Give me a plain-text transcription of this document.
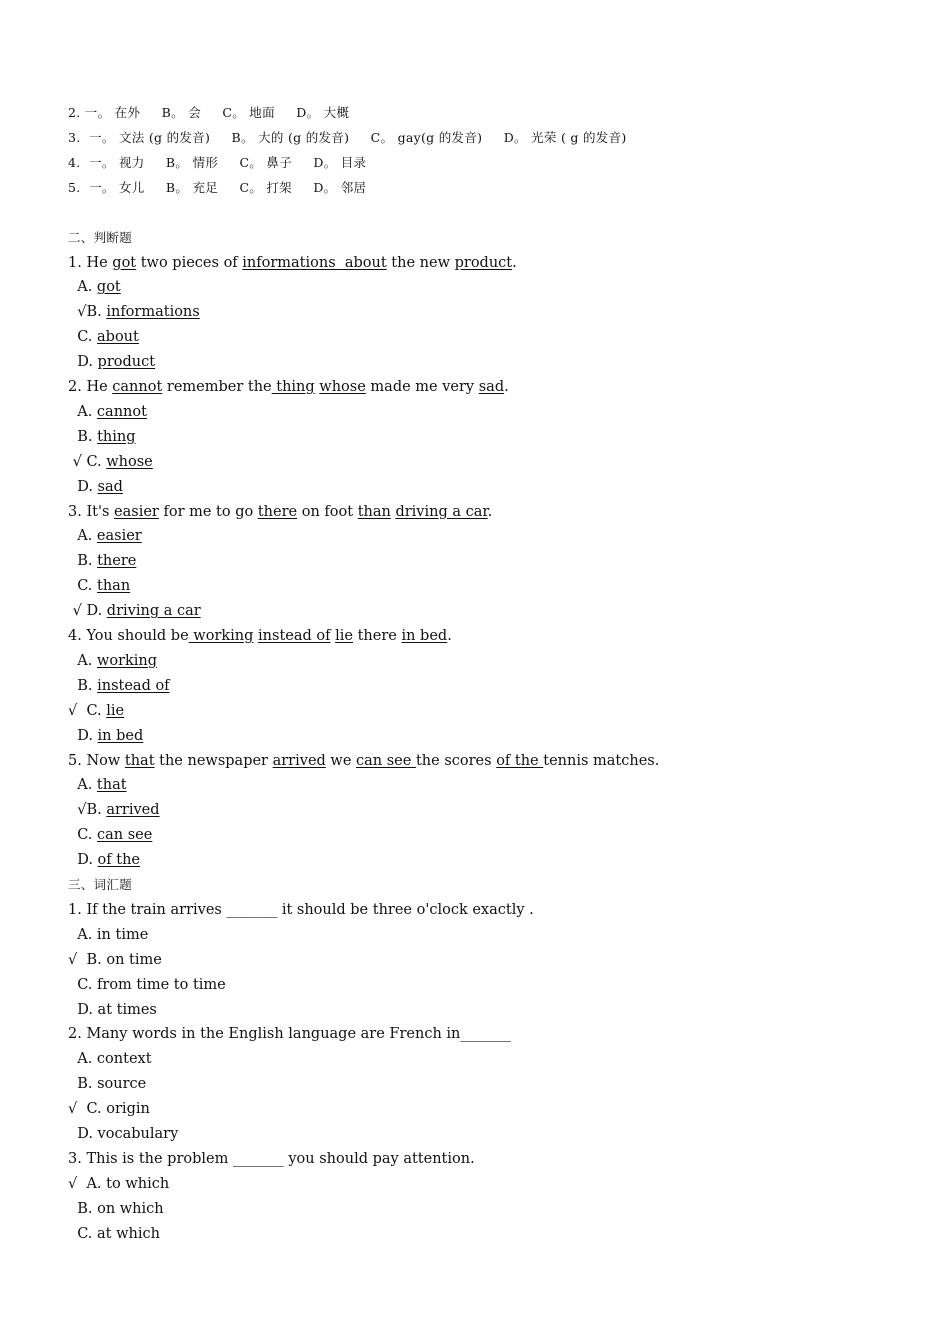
2. 一。 在外     B。 会     C。 地面     D。 大概
3.  一。 文法 (g 的发音)     B。 大的 (g 的发音)     C。 gay(g 的发音)     D。 光荣 ( g 的发音)
4.  一。 视力     B。 情形     C。 鼻子     D。 目录
5.  一。 女儿     B。 充足     C。 打架     D。 邻居
二、判断题
1. He got two pieces of informations  about the new product.
A. got
√B. informations
C. about
D. product
2. He cannot remember the thing whose made me very sad.
A. cannot
B. thing
√ C. whose
D. sad
3. It's easier for me to go there on foot than driving a car.
A. easier
B. there
C. than
√ D. driving a car
4. You should be working instead of lie there in bed.
A. working
B. instead of
√  C. lie
D. in bed
5. Now that the newspaper arrived we can see the scores of the tennis matches.
A. that
√B. arrived
C. can see
D. of the
三、词汇题
1. If the train arrives _______ it should be three o'clock exactly .
A. in time
√  B. on time
C. from time to time
D. at times
2. Many words in the English language are French in_______
A. context
B. source
√  C. origin
D. vocabulary
3. This is the problem _______ you should pay attention.
√  A. to which
B. on which
C. at which
